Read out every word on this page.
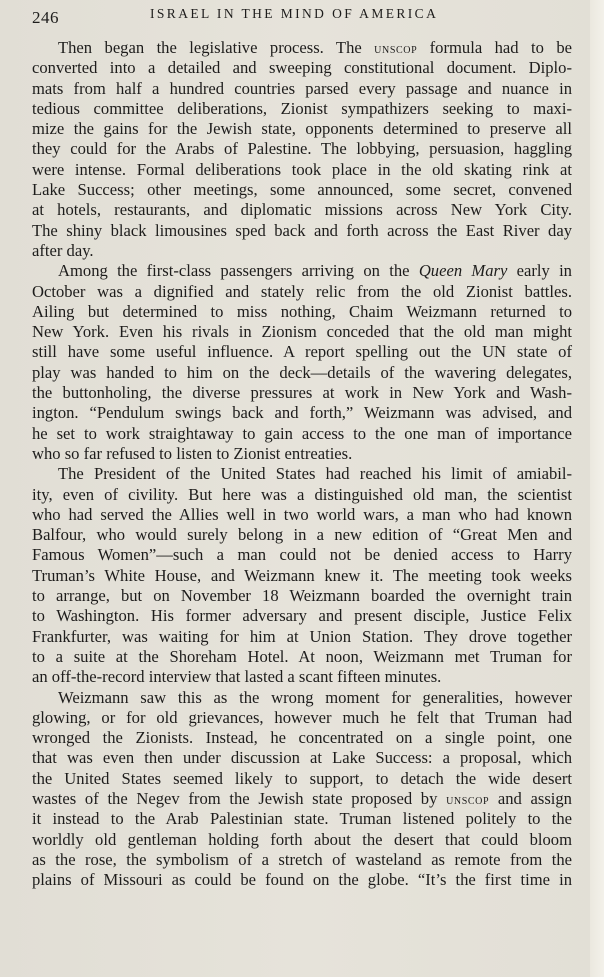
246	ISRAEL IN THE MIND OF AMERICA
Then began the legislative process. The unscop formula had to be
converted into a detailed and sweeping constitutional document. Diplo-
mats from half a hundred countries parsed every passage and nuance in
tedious committee deliberations, Zionist sympathizers seeking to maxi-
mize the gains for the Jewish state, opponents determined to preserve all
they could for the Arabs of Palestine. The lobbying, persuasion, haggling
were intense. Formal deliberations took place in the old skating rink at
Lake Success; other meetings, some announced, some secret, convened
at hotels, restaurants, and diplomatic missions across New York City.
The shiny black limousines sped back and forth across the East River day
after day.
Among the first-class passengers arriving on the Queen Mary early in
October was a dignified and stately relic from the old Zionist battles.
Ailing but determined to miss nothing, Chaim Weizmann returned to
New York. Even his rivals in Zionism conceded that the old man might
still have some useful influence. A report spelling out the UN state of
play was handed to him on the deck—details of the wavering delegates,
the buttonholing, the diverse pressures at work in New York and Wash-
ington. “Pendulum swings back and forth,” Weizmann was advised, and
he set to work straightaway to gain access to the one man of importance
who so far refused to listen to Zionist entreaties.
The President of the United States had reached his limit of amiabil-
ity, even of civility. But here was a distinguished old man, the scientist
who had served the Allies well in two world wars, a man who had known
Balfour, who would surely belong in a new edition of “Great Men and
Famous Women”—such a man could not be denied access to Harry
Truman’s White House, and Weizmann knew it. The meeting took weeks
to arrange, but on November 18 Weizmann boarded the overnight train
to Washington. His former adversary and present disciple, Justice Felix
Frankfurter, was waiting for him at Union Station. They drove together
to a suite at the Shoreham Hotel. At noon, Weizmann met Truman for
an off-the-record interview that lasted a scant fifteen minutes.
Weizmann saw this as the wrong moment for generalities, however
glowing, or for old grievances, however much he felt that Truman had
wronged the Zionists. Instead, he concentrated on a single point, one
that was even then under discussion at Lake Success: a proposal, which
the United States seemed likely to support, to detach the wide desert
wastes of the Negev from the Jewish state proposed by unscop and assign
it instead to the Arab Palestinian state. Truman listened politely to the
worldly old gentleman holding forth about the desert that could bloom
as the rose, the symbolism of a stretch of wasteland as remote from the
plains of Missouri as could be found on the globe. “It’s the first time in
